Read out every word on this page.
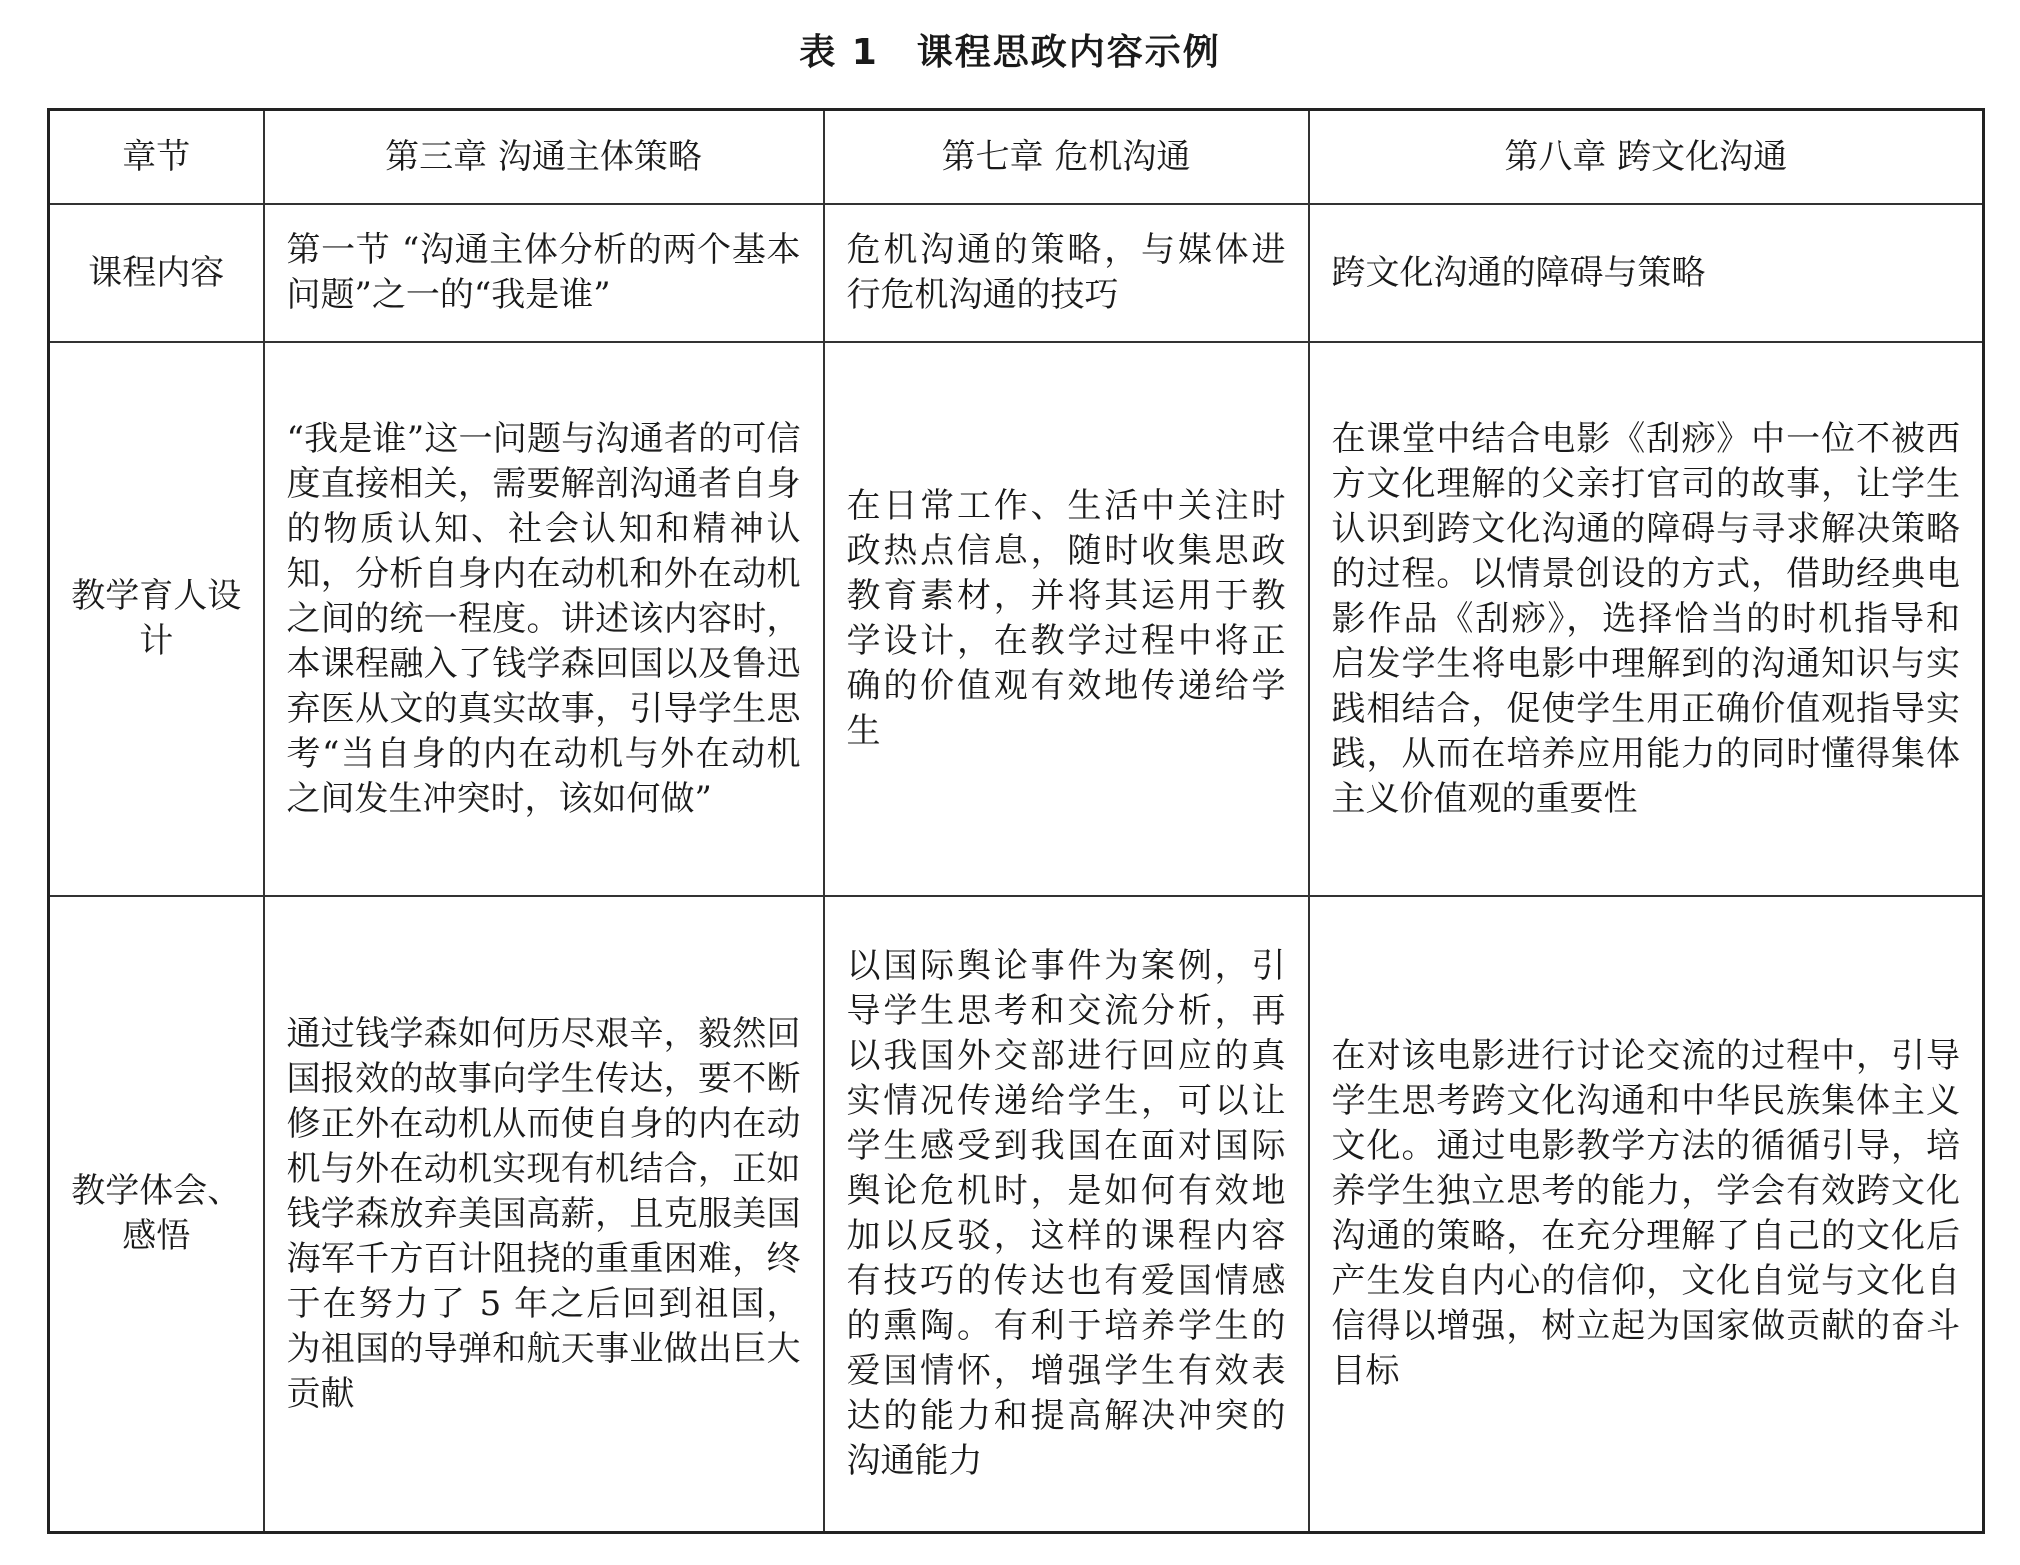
表 1　课程思政内容示例
章节	第三章 沟通主体策略	第七章 危机沟通	第八章 跨文化沟通
课程内容	第一节 “沟通主体分析的两个基本问题”之一的“我是谁”	危机沟通的策略，与媒体进行危机沟通的技巧	跨文化沟通的障碍与策略
教学育人设计	“我是谁”这一问题与沟通者的可信度直接相关，需要解剖沟通者自身的物质认知、社会认知和精神认知，分析自身内在动机和外在动机之间的统一程度。讲述该内容时，本课程融入了钱学森回国以及鲁迅弃医从文的真实故事，引导学生思考“当自身的内在动机与外在动机之间发生冲突时，该如何做”	在日常工作、生活中关注时政热点信息，随时收集思政教育素材，并将其运用于教学设计，在教学过程中将正确的价值观有效地传递给学生	在课堂中结合电影《刮痧》中一位不被西方文化理解的父亲打官司的故事，让学生认识到跨文化沟通的障碍与寻求解决策略的过程。以情景创设的方式，借助经典电影作品《刮痧》，选择恰当的时机指导和启发学生将电影中理解到的沟通知识与实践相结合，促使学生用正确价值观指导实践，从而在培养应用能力的同时懂得集体主义价值观的重要性
教学体会、感悟	通过钱学森如何历尽艰辛，毅然回国报效的故事向学生传达，要不断修正外在动机从而使自身的内在动机与外在动机实现有机结合，正如钱学森放弃美国高薪，且克服美国海军千方百计阻挠的重重困难，终于在努力了 5 年之后回到祖国，为祖国的导弹和航天事业做出巨大贡献	以国际舆论事件为案例，引导学生思考和交流分析，再以我国外交部进行回应的真实情况传递给学生，可以让学生感受到我国在面对国际舆论危机时，是如何有效地加以反驳，这样的课程内容有技巧的传达也有爱国情感的熏陶。有利于培养学生的爱国情怀，增强学生有效表达的能力和提高解决冲突的沟通能力	在对该电影进行讨论交流的过程中，引导学生思考跨文化沟通和中华民族集体主义文化。通过电影教学方法的循循引导，培养学生独立思考的能力，学会有效跨文化沟通的策略，在充分理解了自己的文化后产生发自内心的信仰，文化自觉与文化自信得以增强，树立起为国家做贡献的奋斗目标
